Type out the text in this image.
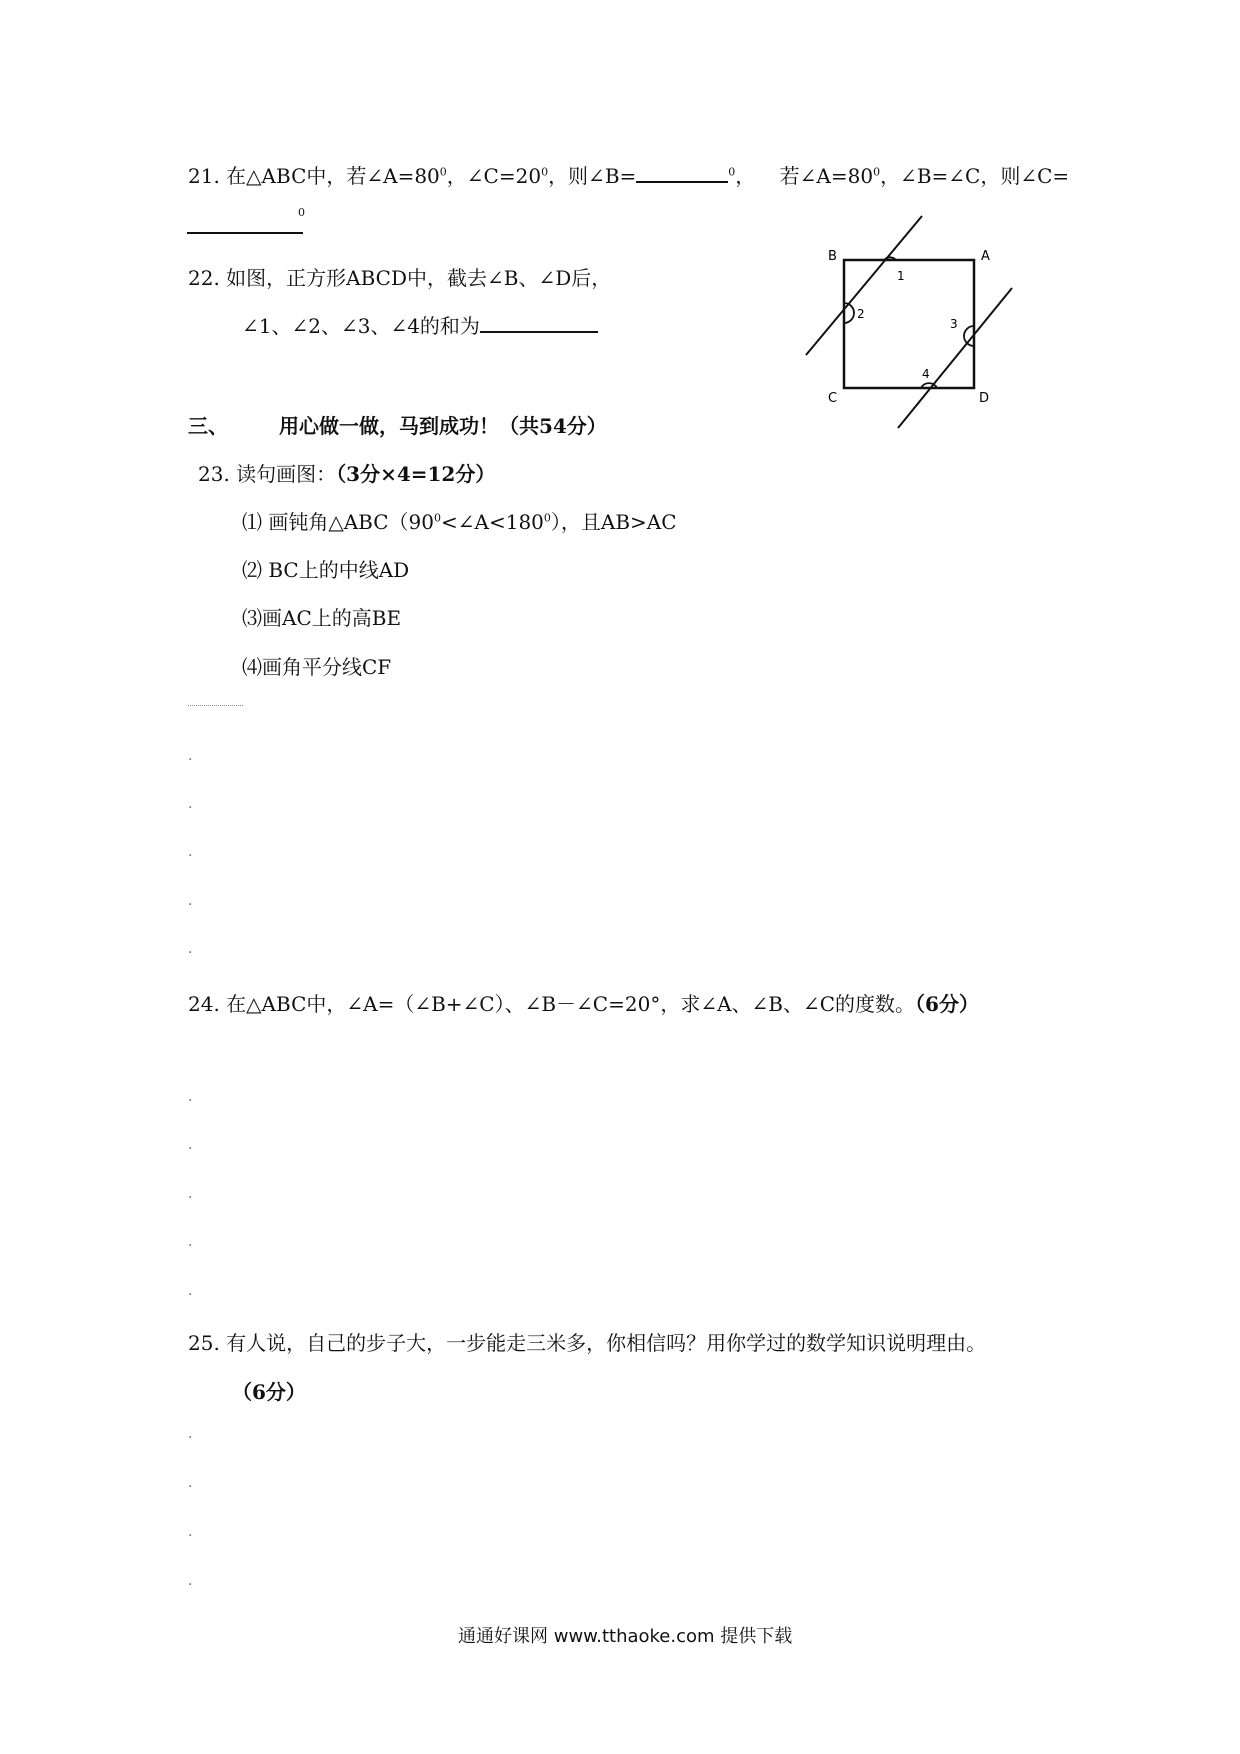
21. 在△ABC中，若$\angle A=80^0$，$\angle C=20^0$，则∠B=	$^0$， 若$\angle A=80^0$，∠B=∠C，则∠C=
0
22. 如图，正方形ABCD中，截去∠B、∠D后，
∠1、∠2、∠3、∠4的和为
B	A
C	D
1
2
3
4
三、	用心做一做，马到成功！（共54分）
23. 读句画图：（3分×4=12分）
⑴ 画钝角$\triangle ABC(90^0<\angle A<180^0)$，且AB>AC
⑵ BC上的中线AD
⑶画AC上的高BE
⑷画角平分线CF
·
·
·
·
·
24. 在△ABC中，∠A=（∠B+∠C）、∠B－∠C=20°，求∠A、∠B、∠C的度数。（6分）
·
·
·
·
·
25. 有人说，自己的步子大，一步能走三米多，你相信吗？用你学过的数学知识说明理由。
（6分）
·
·
·
·
通通好课网 www.tthaoke.com 提供下载
